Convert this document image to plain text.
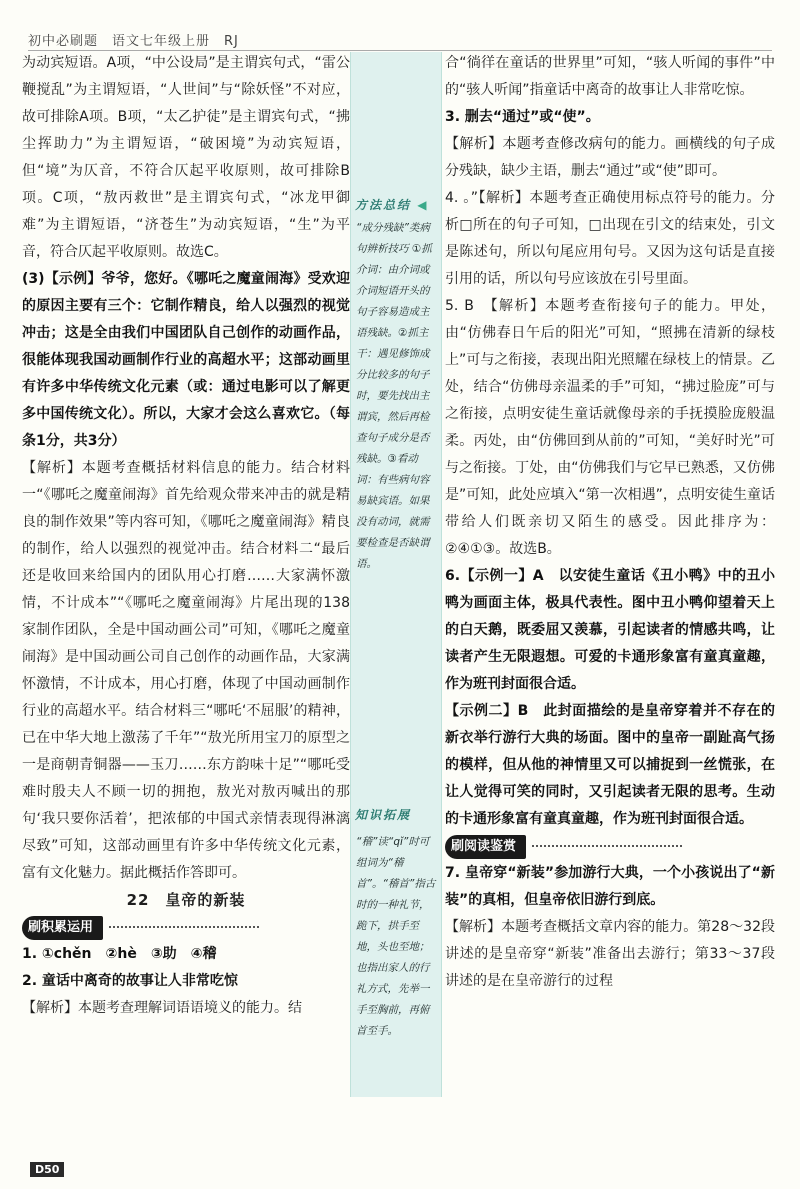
初中必刷题　语文七年级上册　RJ
方法总结 ◀
“成分残缺”类病句辨析技巧 ①抓介词：由介词或介词短语开头的句子容易造成主语残缺。②抓主干：遇见修饰成分比较多的句子时，要先找出主谓宾，然后再检查句子成分是否残缺。③看动词：有些病句容易缺宾语。如果没有动词，就需要检查是否缺谓语。
知识拓展
“稽”读“qǐ”时可组词为“稽首”。“稽首”指古时的一种礼节，跪下，拱手至地，头也至地；也指出家人的行礼方式，先举一手至胸前，再俯首至手。

为动宾短语。A项，“中公设局”是主谓宾句式，“雷公鞭搅乱”为主谓短语，“人世间”与“除妖怪”不对应，故可排除A项。B项，“太乙护徒”是主谓宾句式，“拂尘挥助力”为主谓短语，“破困境”为动宾短语，但“境”为仄音，不符合仄起平收原则，故可排除B项。C项，“敖丙救世”是主谓宾句式，“冰龙甲御难”为主谓短语，“济苍生”为动宾短语，“生”为平音，符合仄起平收原则。故选C。

(3)【示例】爷爷，您好。《哪吒之魔童闹海》受欢迎的原因主要有三个：它制作精良，给人以强烈的视觉冲击；这是全由我们中国团队自己创作的动画作品，很能体现我国动画制作行业的高超水平；这部动画里有许多中华传统文化元素（或：通过电影可以了解更多中国传统文化）。所以，大家才会这么喜欢它。（每条1分，共3分）

【解析】本题考查概括材料信息的能力。结合材料一“《哪吒之魔童闹海》首先给观众带来冲击的就是精良的制作效果”等内容可知，《哪吒之魔童闹海》精良的制作，给人以强烈的视觉冲击。结合材料二“最后还是收回来给国内的团队用心打磨……大家满怀激情，不计成本”“《哪吒之魔童闹海》片尾出现的138家制作团队，全是中国动画公司”可知，《哪吒之魔童闹海》是中国动画公司自己创作的动画作品，大家满怀激情，不计成本，用心打磨，体现了中国动画制作行业的高超水平。结合材料三“哪吒‘不屈服’的精神，已在中华大地上激荡了千年”“敖光所用宝刀的原型之一是商朝青铜器——玉刀……东方韵味十足”“哪吒受难时殷夫人不顾一切的拥抱，敖光对敖丙喊出的那句‘我只要你活着’，把浓郁的中国式亲情表现得淋漓尽致”可知，这部动画里有许多中华传统文化元素，富有文化魅力。据此概括作答即可。

22　皇帝的新装

刷积累运用

1. ①chěn　②hè　③助　④稽

2. 童话中离奇的故事让人非常吃惊

【解析】本题考查理解词语语境义的能力。结

合“徜徉在童话的世界里”可知，“骇人听闻的事件”中的“骇人听闻”指童话中离奇的故事让人非常吃惊。

3. 删去“通过”或“使”。

【解析】本题考查修改病句的能力。画横线的句子成分残缺，缺少主语，删去“通过”或“使”即可。

4. 。”【解析】本题考查正确使用标点符号的能力。分析□所在的句子可知，□出现在引文的结束处，引文是陈述句，所以句尾应用句号。又因为这句话是直接引用的话，所以句号应该放在引号里面。

5. B　【解析】本题考查衔接句子的能力。甲处，由“仿佛春日午后的阳光”可知，“照拂在清新的绿枝上”可与之衔接，表现出阳光照耀在绿枝上的情景。乙处，结合“仿佛母亲温柔的手”可知，“拂过脸庞”可与之衔接，点明安徒生童话就像母亲的手抚摸脸庞般温柔。丙处，由“仿佛回到从前的”可知，“美好时光”可与之衔接。丁处，由“仿佛我们与它早已熟悉，又仿佛是”可知，此处应填入“第一次相遇”，点明安徒生童话带给人们既亲切又陌生的感受。因此排序为：②④①③。故选B。

6.【示例一】A　以安徒生童话《丑小鸭》中的丑小鸭为画面主体，极具代表性。图中丑小鸭仰望着天上的白天鹅，既委屈又羡慕，引起读者的情感共鸣，让读者产生无限遐想。可爱的卡通形象富有童真童趣，作为班刊封面很合适。

【示例二】B　此封面描绘的是皇帝穿着并不存在的新衣举行游行大典的场面。图中的皇帝一副趾高气扬的模样，但从他的神情里又可以捕捉到一丝慌张，在让人觉得可笑的同时，又引起读者无限的思考。生动的卡通形象富有童真童趣，作为班刊封面很合适。

刷阅读鉴赏

7. 皇帝穿“新装”参加游行大典，一个小孩说出了“新装”的真相，但皇帝依旧游行到底。

【解析】本题考查概括文章内容的能力。第28～32段讲述的是皇帝穿“新装”准备出去游行；第33～37段讲述的是在皇帝游行的过程

D50
